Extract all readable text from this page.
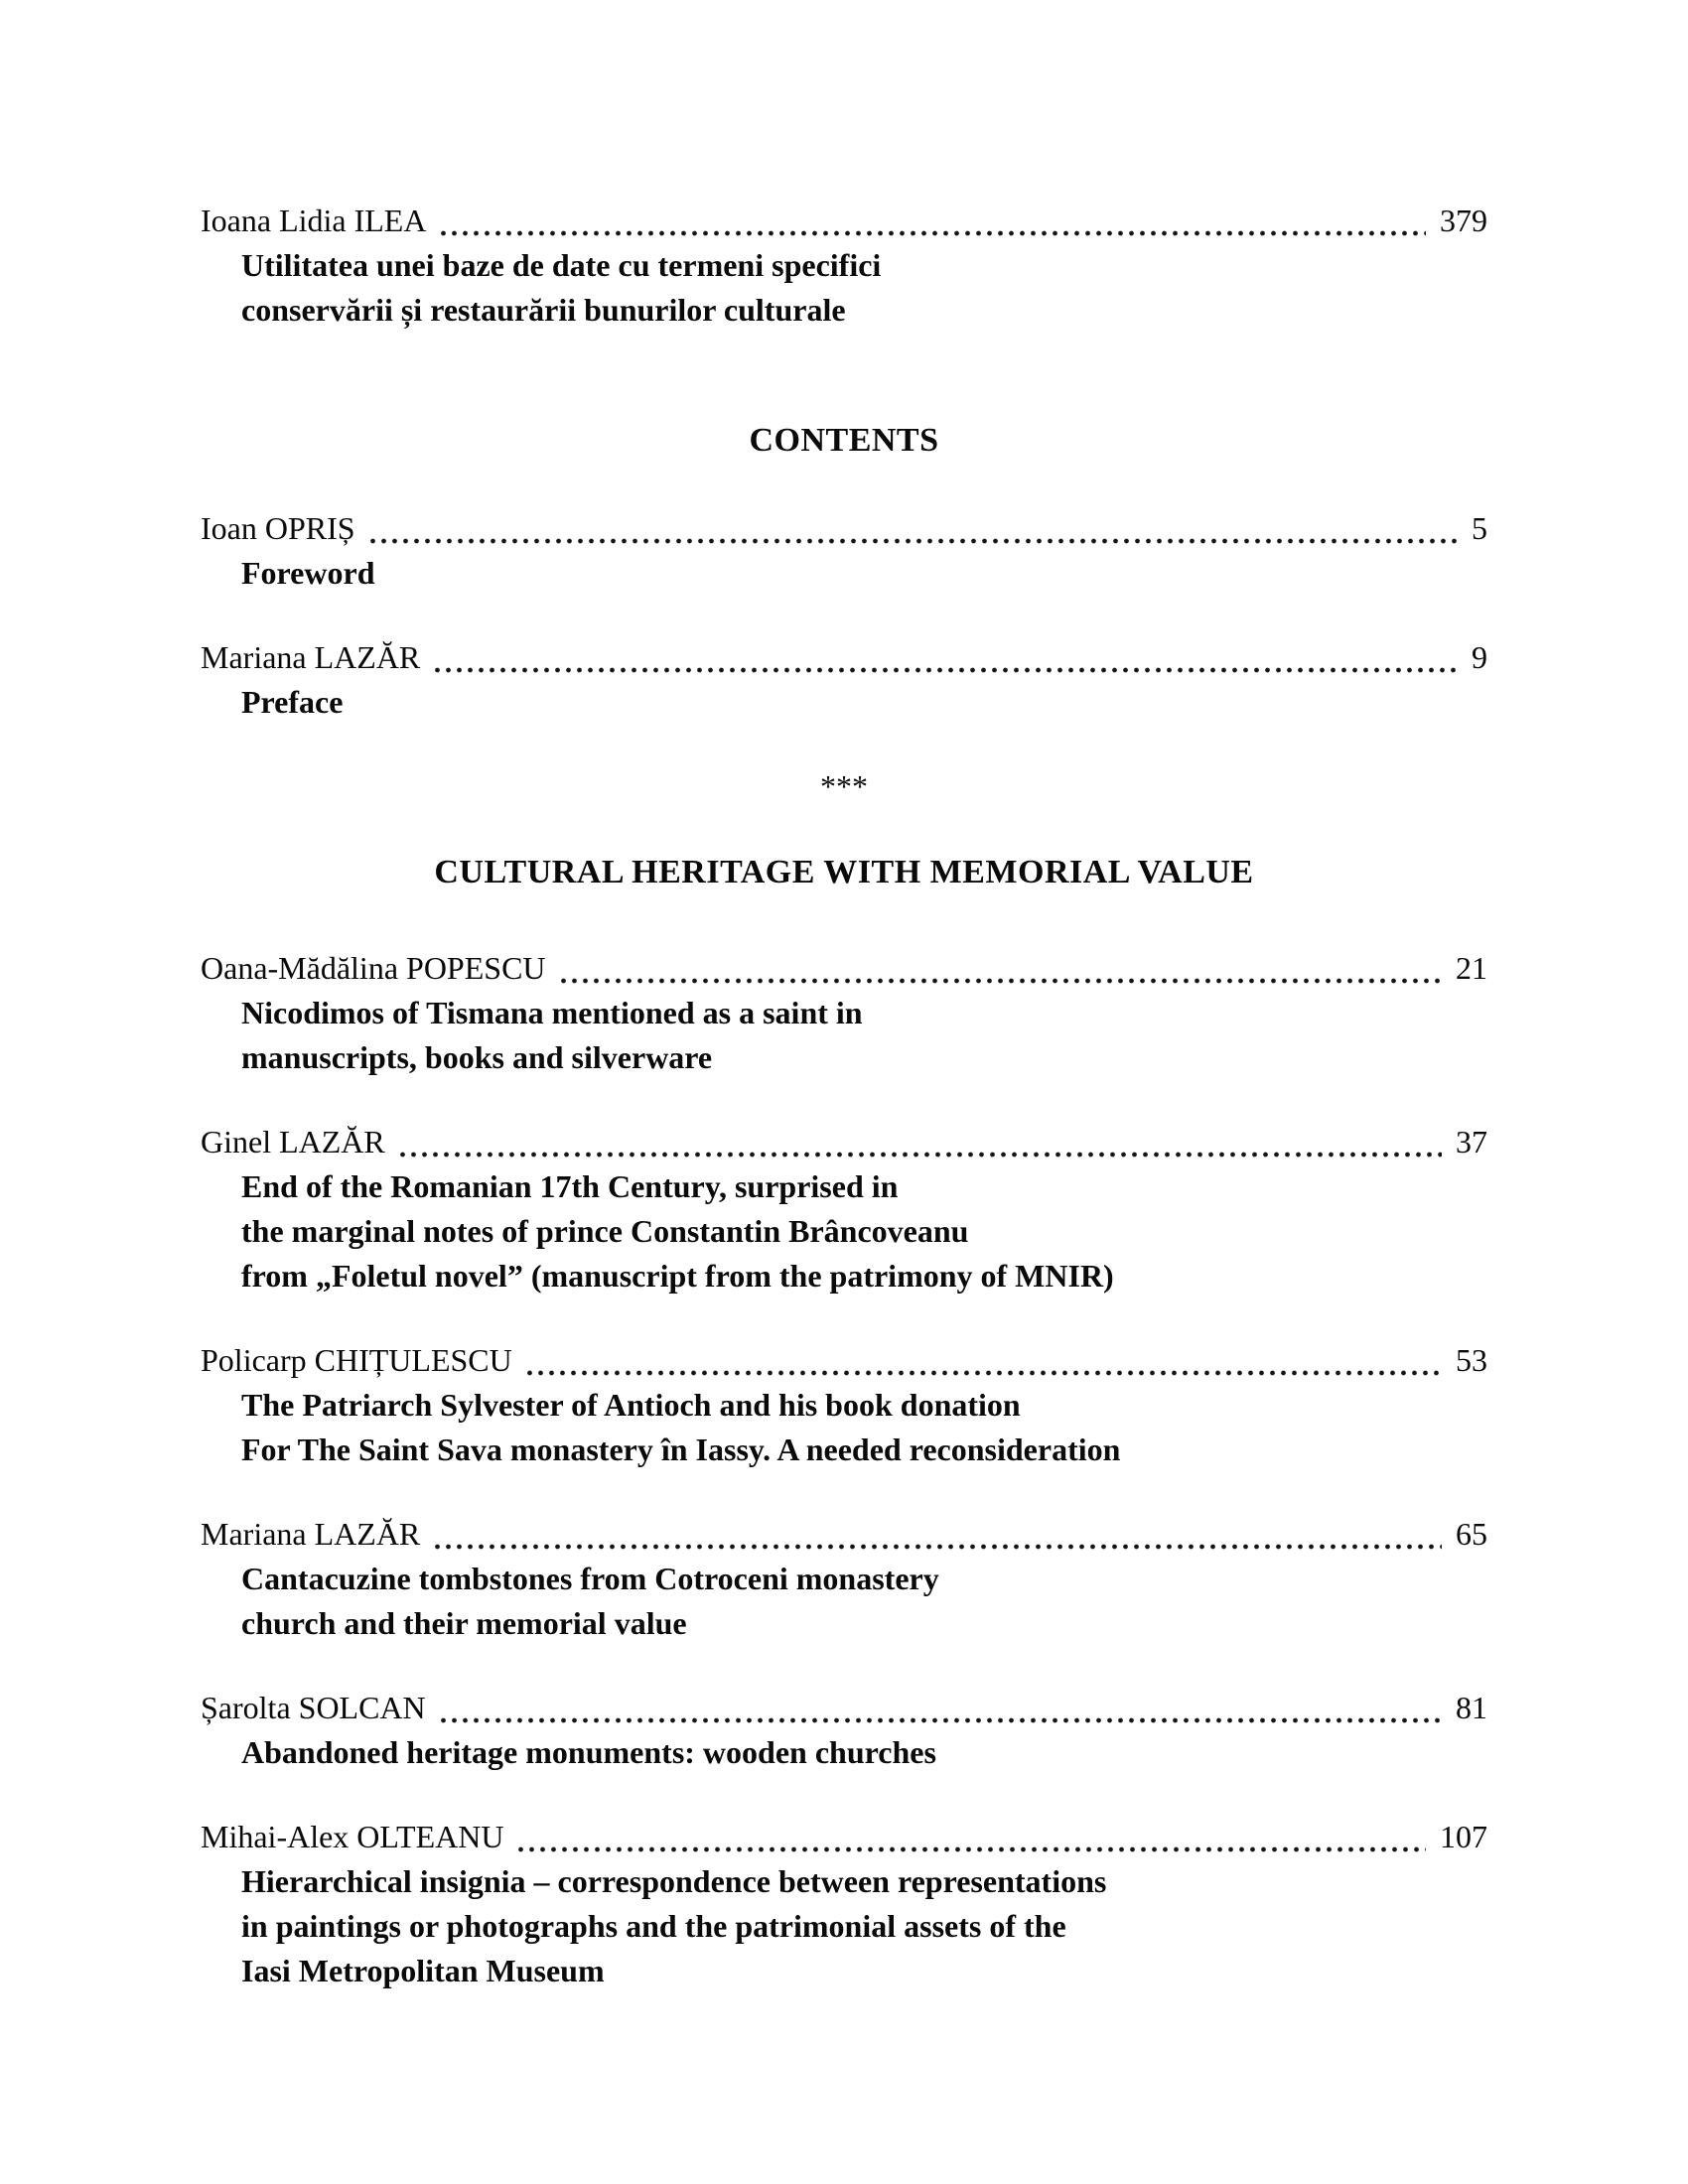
Ioana Lidia ILEA	379
Utilitatea unei baze de date cu termeni specifici
conservării și restaurării bunurilor culturale
CONTENTS
Ioan OPRIȘ	5
Foreword
Mariana LAZĂR	9
Preface
***
CULTURAL HERITAGE WITH MEMORIAL VALUE
Oana-Mădălina POPESCU	21
Nicodimos of Tismana mentioned as a saint in
manuscripts, books and silverware
Ginel LAZĂR	37
End of the Romanian 17th Century, surprised in
the marginal notes of prince Constantin Brâncoveanu
from „Foletul novel” (manuscript from the patrimony of MNIR)
Policarp CHIȚULESCU	53
The Patriarch Sylvester of Antioch and his book donation
For The Saint Sava monastery în Iassy. A needed reconsideration
Mariana LAZĂR	65
Cantacuzine tombstones from Cotroceni monastery
church and their memorial value
Șarolta SOLCAN	81
Abandoned heritage monuments: wooden churches
Mihai-Alex OLTEANU	107
Hierarchical insignia – correspondence between representations
in paintings or photographs and the patrimonial assets of the
Iasi Metropolitan Museum
